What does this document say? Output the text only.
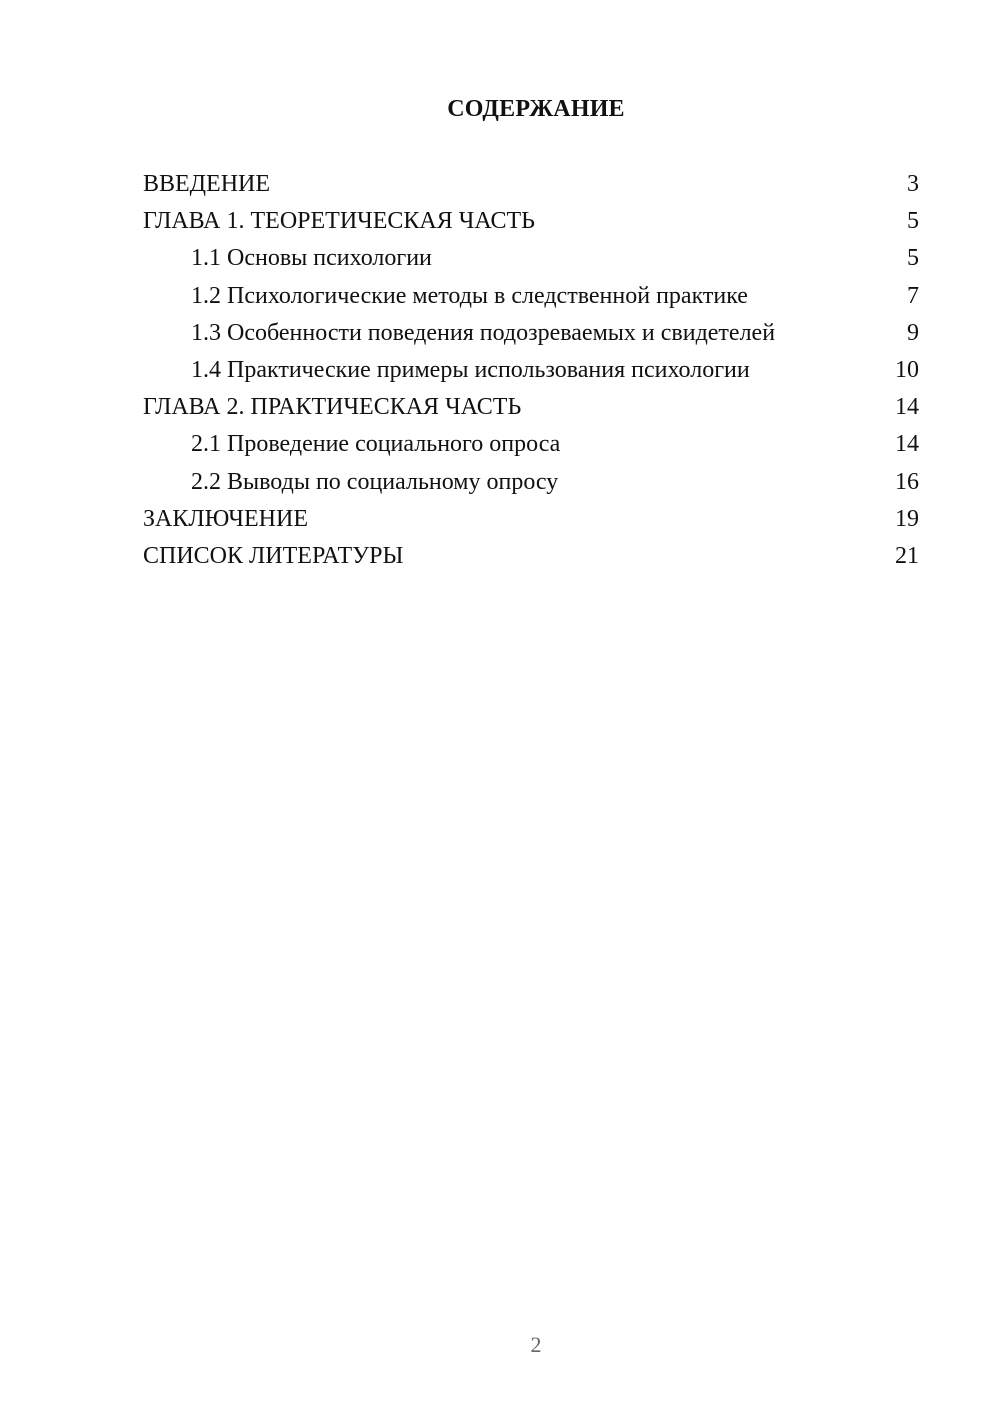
СОДЕРЖАНИЕ
ВВЕДЕНИЕ	3
ГЛАВА 1. ТЕОРЕТИЧЕСКАЯ ЧАСТЬ	5
1.1 Основы психологии	5
1.2 Психологические методы в следственной практике	7
1.3 Особенности поведения подозреваемых и свидетелей	9
1.4 Практические примеры использования психологии	10
ГЛАВА 2. ПРАКТИЧЕСКАЯ ЧАСТЬ	14
2.1 Проведение социального опроса	14
2.2 Выводы по социальному опросу	16
ЗАКЛЮЧЕНИЕ	19
СПИСОК ЛИТЕРАТУРЫ	21
2
